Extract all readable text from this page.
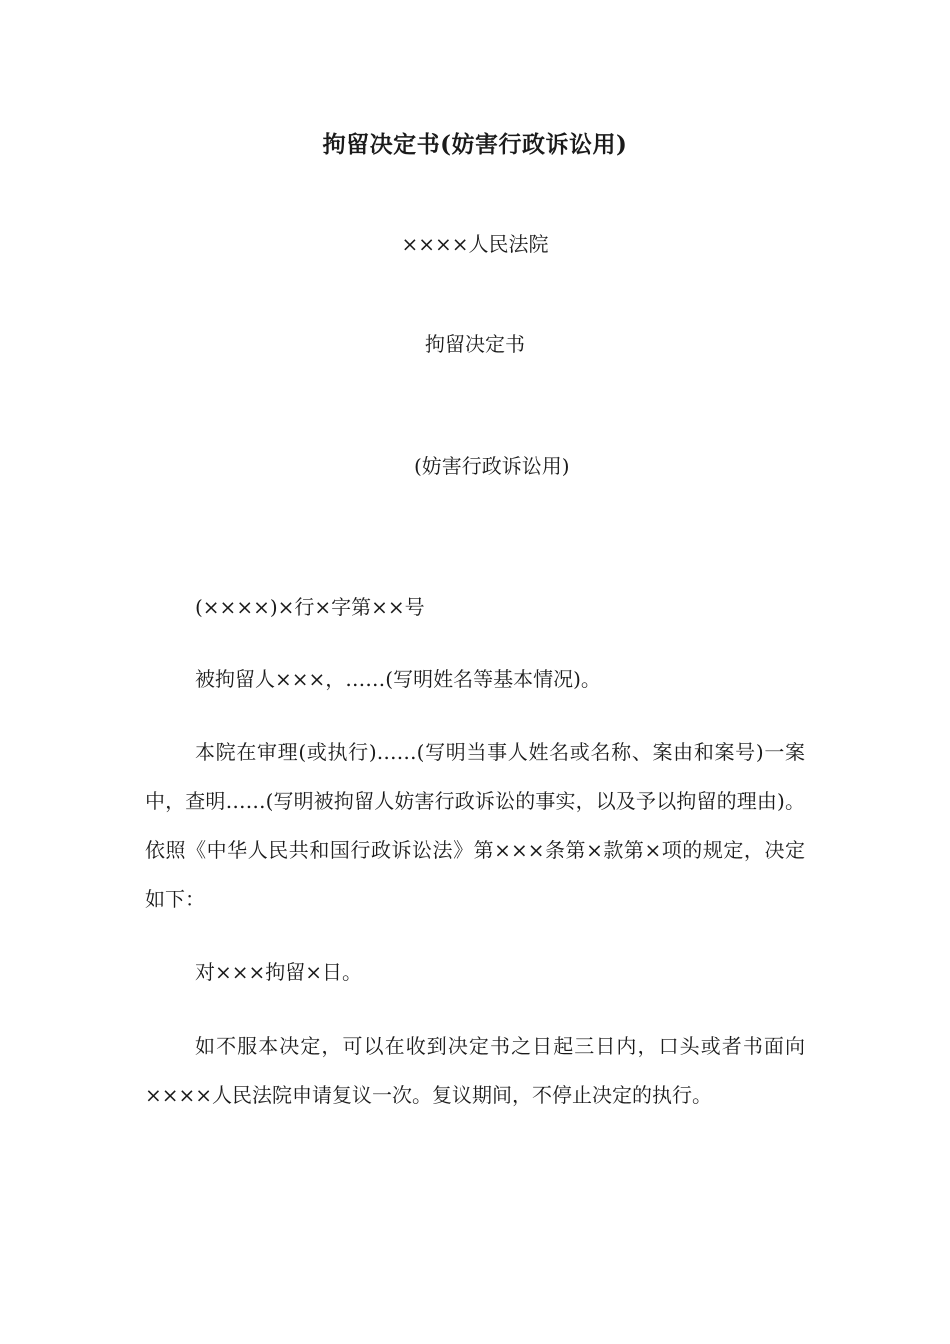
拘留决定书(妨害行政诉讼用)

××××人民法院

拘留决定书

(妨害行政诉讼用)

(××××)×行×字第××号

被拘留人×××，……(写明姓名等基本情况)。

本院在审理(或执行)……(写明当事人姓名或名称、案由和案号)一案中，查明……(写明被拘留人妨害行政诉讼的事实，以及予以拘留的理由)。依照《中华人民共和国行政诉讼法》第×××条第×款第×项的规定，决定如下：

对×××拘留×日。

如不服本决定，可以在收到决定书之日起三日内，口头或者书面向××××人民法院申请复议一次。复议期间，不停止决定的执行。
